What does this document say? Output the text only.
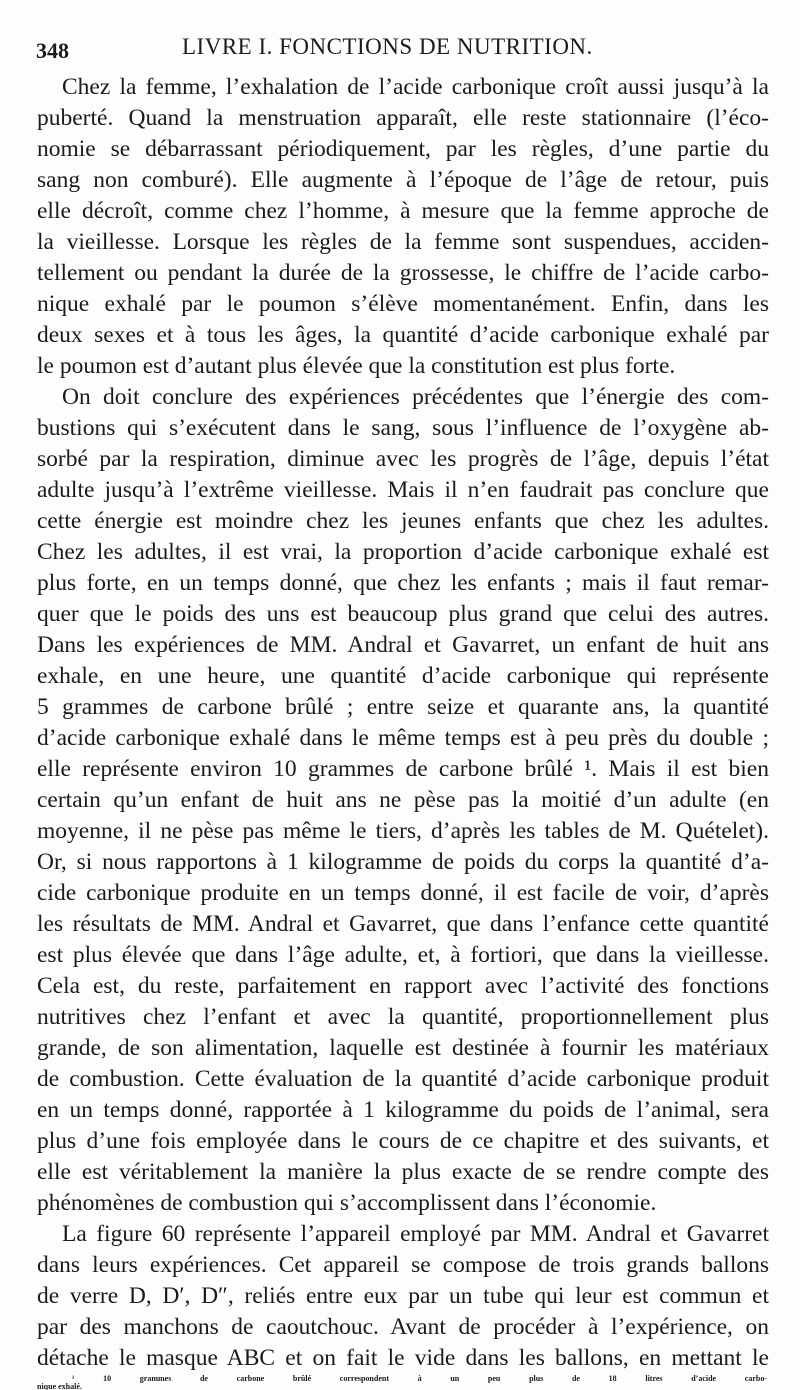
348	LIVRE I. FONCTIONS DE NUTRITION.
Chez la femme, l’exhalation de l’acide carbonique croît aussi jusqu’à la
puberté. Quand la menstruation apparaît, elle reste stationnaire (l’éco-
nomie se débarrassant périodiquement, par les règles, d’une partie du
sang non comburé). Elle augmente à l’époque de l’âge de retour, puis
elle décroît, comme chez l’homme, à mesure que la femme approche de
la vieillesse. Lorsque les règles de la femme sont suspendues, acciden-
tellement ou pendant la durée de la grossesse, le chiffre de l’acide carbo-
nique exhalé par le poumon s’élève momentanément. Enfin, dans les
deux sexes et à tous les âges, la quantité d’acide carbonique exhalé par
le poumon est d’autant plus élevée que la constitution est plus forte.
On doit conclure des expériences précédentes que l’énergie des com-
bustions qui s’exécutent dans le sang, sous l’influence de l’oxygène ab-
sorbé par la respiration, diminue avec les progrès de l’âge, depuis l’état
adulte jusqu’à l’extrême vieillesse. Mais il n’en faudrait pas conclure que
cette énergie est moindre chez les jeunes enfants que chez les adultes.
Chez les adultes, il est vrai, la proportion d’acide carbonique exhalé est
plus forte, en un temps donné, que chez les enfants ; mais il faut remar-
quer que le poids des uns est beaucoup plus grand que celui des autres.
Dans les expériences de MM. Andral et Gavarret, un enfant de huit ans
exhale, en une heure, une quantité d’acide carbonique qui représente
5 grammes de carbone brûlé ; entre seize et quarante ans, la quantité
d’acide carbonique exhalé dans le même temps est à peu près du double ;
elle représente environ 10 grammes de carbone brûlé ¹. Mais il est bien
certain qu’un enfant de huit ans ne pèse pas la moitié d’un adulte (en
moyenne, il ne pèse pas même le tiers, d’après les tables de M. Quételet).
Or, si nous rapportons à 1 kilogramme de poids du corps la quantité d’a-
cide carbonique produite en un temps donné, il est facile de voir, d’après
les résultats de MM. Andral et Gavarret, que dans l’enfance cette quantité
est plus élevée que dans l’âge adulte, et, à fortiori, que dans la vieillesse.
Cela est, du reste, parfaitement en rapport avec l’activité des fonctions
nutritives chez l’enfant et avec la quantité, proportionnellement plus
grande, de son alimentation, laquelle est destinée à fournir les matériaux
de combustion. Cette évaluation de la quantité d’acide carbonique produit
en un temps donné, rapportée à 1 kilogramme du poids de l’animal, sera
plus d’une fois employée dans le cours de ce chapitre et des suivants, et
elle est véritablement la manière la plus exacte de se rendre compte des
phénomènes de combustion qui s’accomplissent dans l’économie.
La figure 60 représente l’appareil employé par MM. Andral et Gavarret
dans leurs expériences. Cet appareil se compose de trois grands ballons
de verre D, D′, D″, reliés entre eux par un tube qui leur est commun et
par des manchons de caoutchouc. Avant de procéder à l’expérience, on
détache le masque ABC et on fait le vide dans les ballons, en mettant le
¹ 10 grammes de carbone brûlé correspondent à un peu plus de 18 litres d’acide carbo-
nique exhalé.
